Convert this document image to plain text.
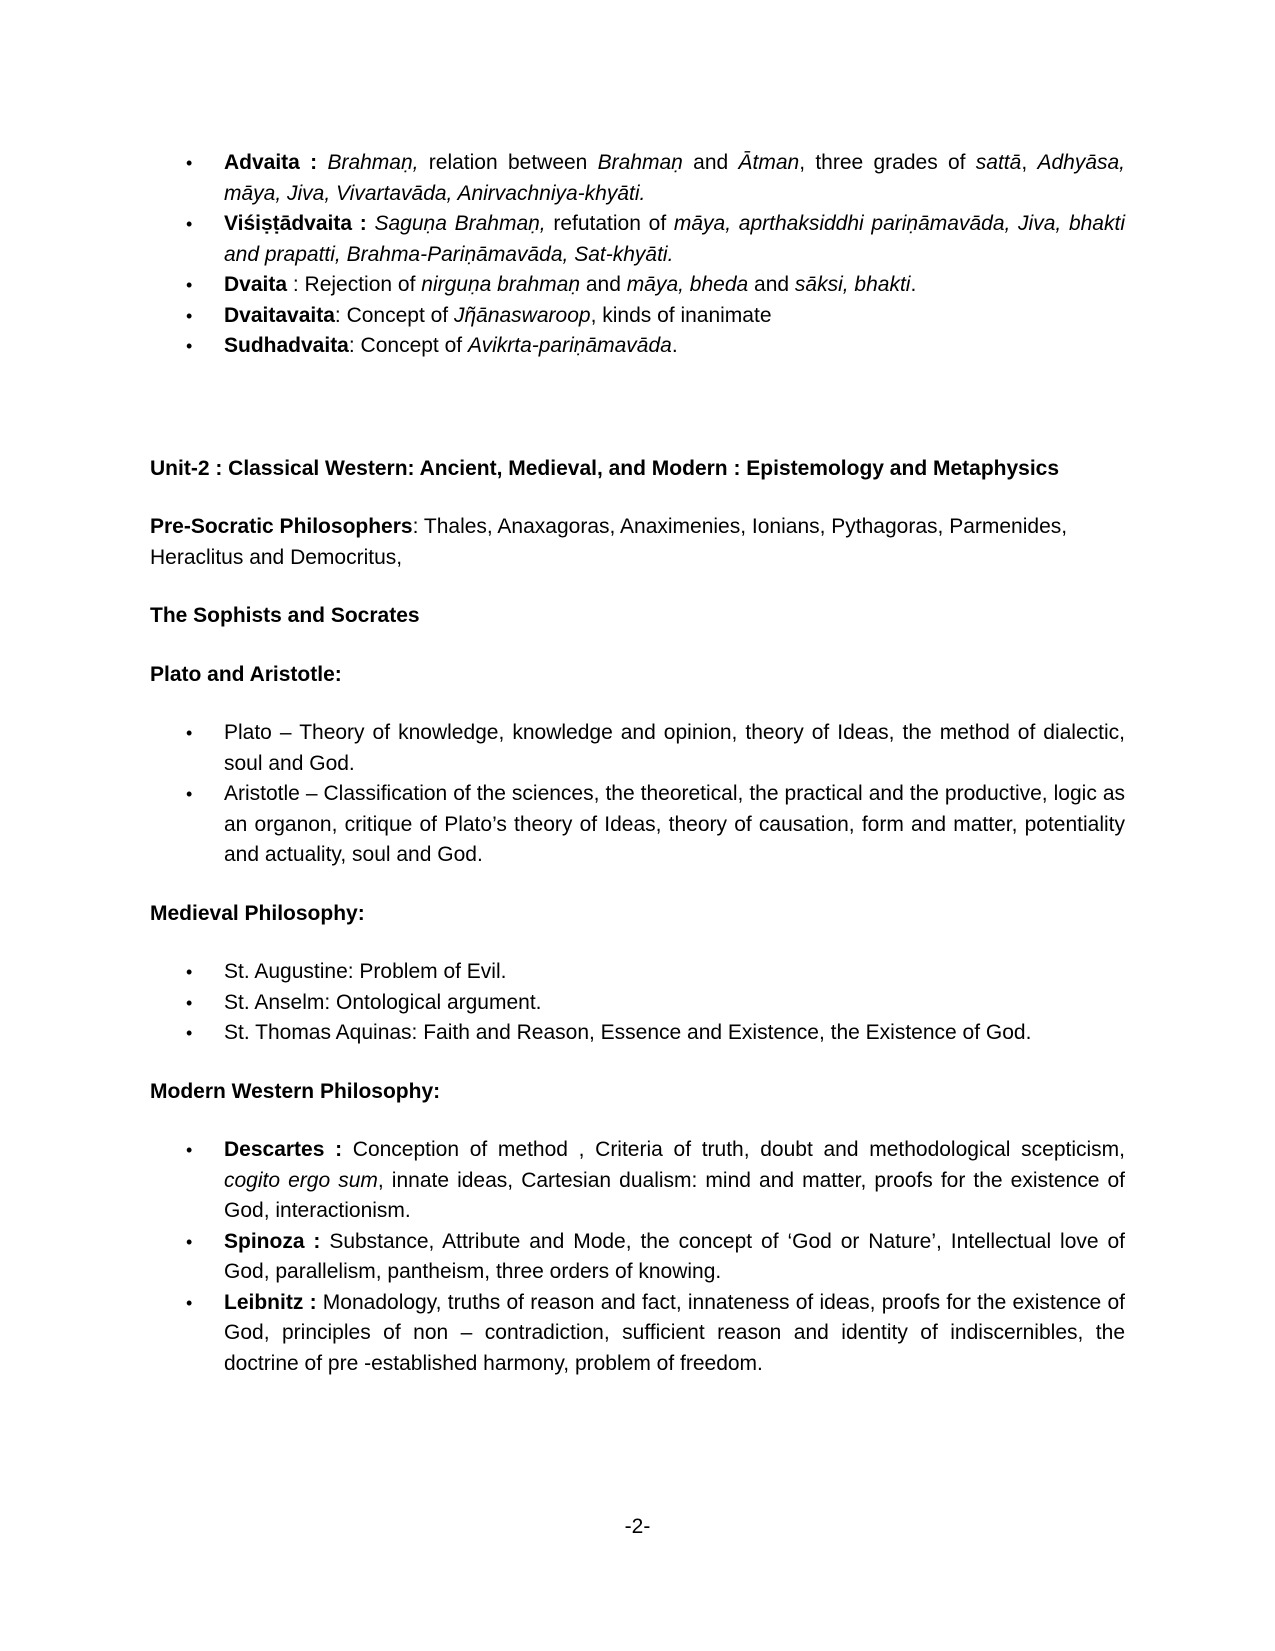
• Advaita : Brahmaṇ, relation between Brahmaṇ and Ātman, three grades of sattā, Adhyāsa, māya, Jiva, Vivartavāda, Anirvachniya-khyāti.
• Viśiṣṭādvaita : Saguṇa Brahmaṇ, refutation of māya, aprthaksiddhi pariṇāmavāda, Jiva, bhakti and prapatti, Brahma-Pariṇāmavāda, Sat-khyāti.
• Dvaita : Rejection of nirguṇa brahmaṇ and māya, bheda and sāksi, bhakti.
• Dvaitavaita: Concept of Jῆānaswaroop, kinds of inanimate
• Sudhadvaita: Concept of Avikrta-pariṇāmavāda.

Unit-2 : Classical Western: Ancient, Medieval, and Modern : Epistemology and Metaphysics

Pre-Socratic Philosophers: Thales, Anaxagoras, Anaximenies, Ionians, Pythagoras, Parmenides, Heraclitus and Democritus,

The Sophists and Socrates

Plato and Aristotle:

• Plato – Theory of knowledge, knowledge and opinion, theory of Ideas, the method of dialectic, soul and God.
• Aristotle – Classification of the sciences, the theoretical, the practical and the productive, logic as an organon, critique of Plato’s theory of Ideas, theory of causation, form and matter, potentiality and actuality, soul and God.

Medieval Philosophy:

• St. Augustine: Problem of Evil.
• St. Anselm: Ontological argument.
• St. Thomas Aquinas: Faith and Reason, Essence and Existence, the Existence of God.

Modern Western Philosophy:

• Descartes : Conception of method , Criteria of truth, doubt and methodological scepticism, cogito ergo sum, innate ideas, Cartesian dualism: mind and matter, proofs for the existence of God, interactionism.
• Spinoza : Substance, Attribute and Mode, the concept of ‘God or Nature’, Intellectual love of God, parallelism, pantheism, three orders of knowing.
• Leibnitz : Monadology, truths of reason and fact, innateness of ideas, proofs for the existence of God, principles of non – contradiction, sufficient reason and identity of indiscernibles, the doctrine of pre -established harmony, problem of freedom.
-2-
